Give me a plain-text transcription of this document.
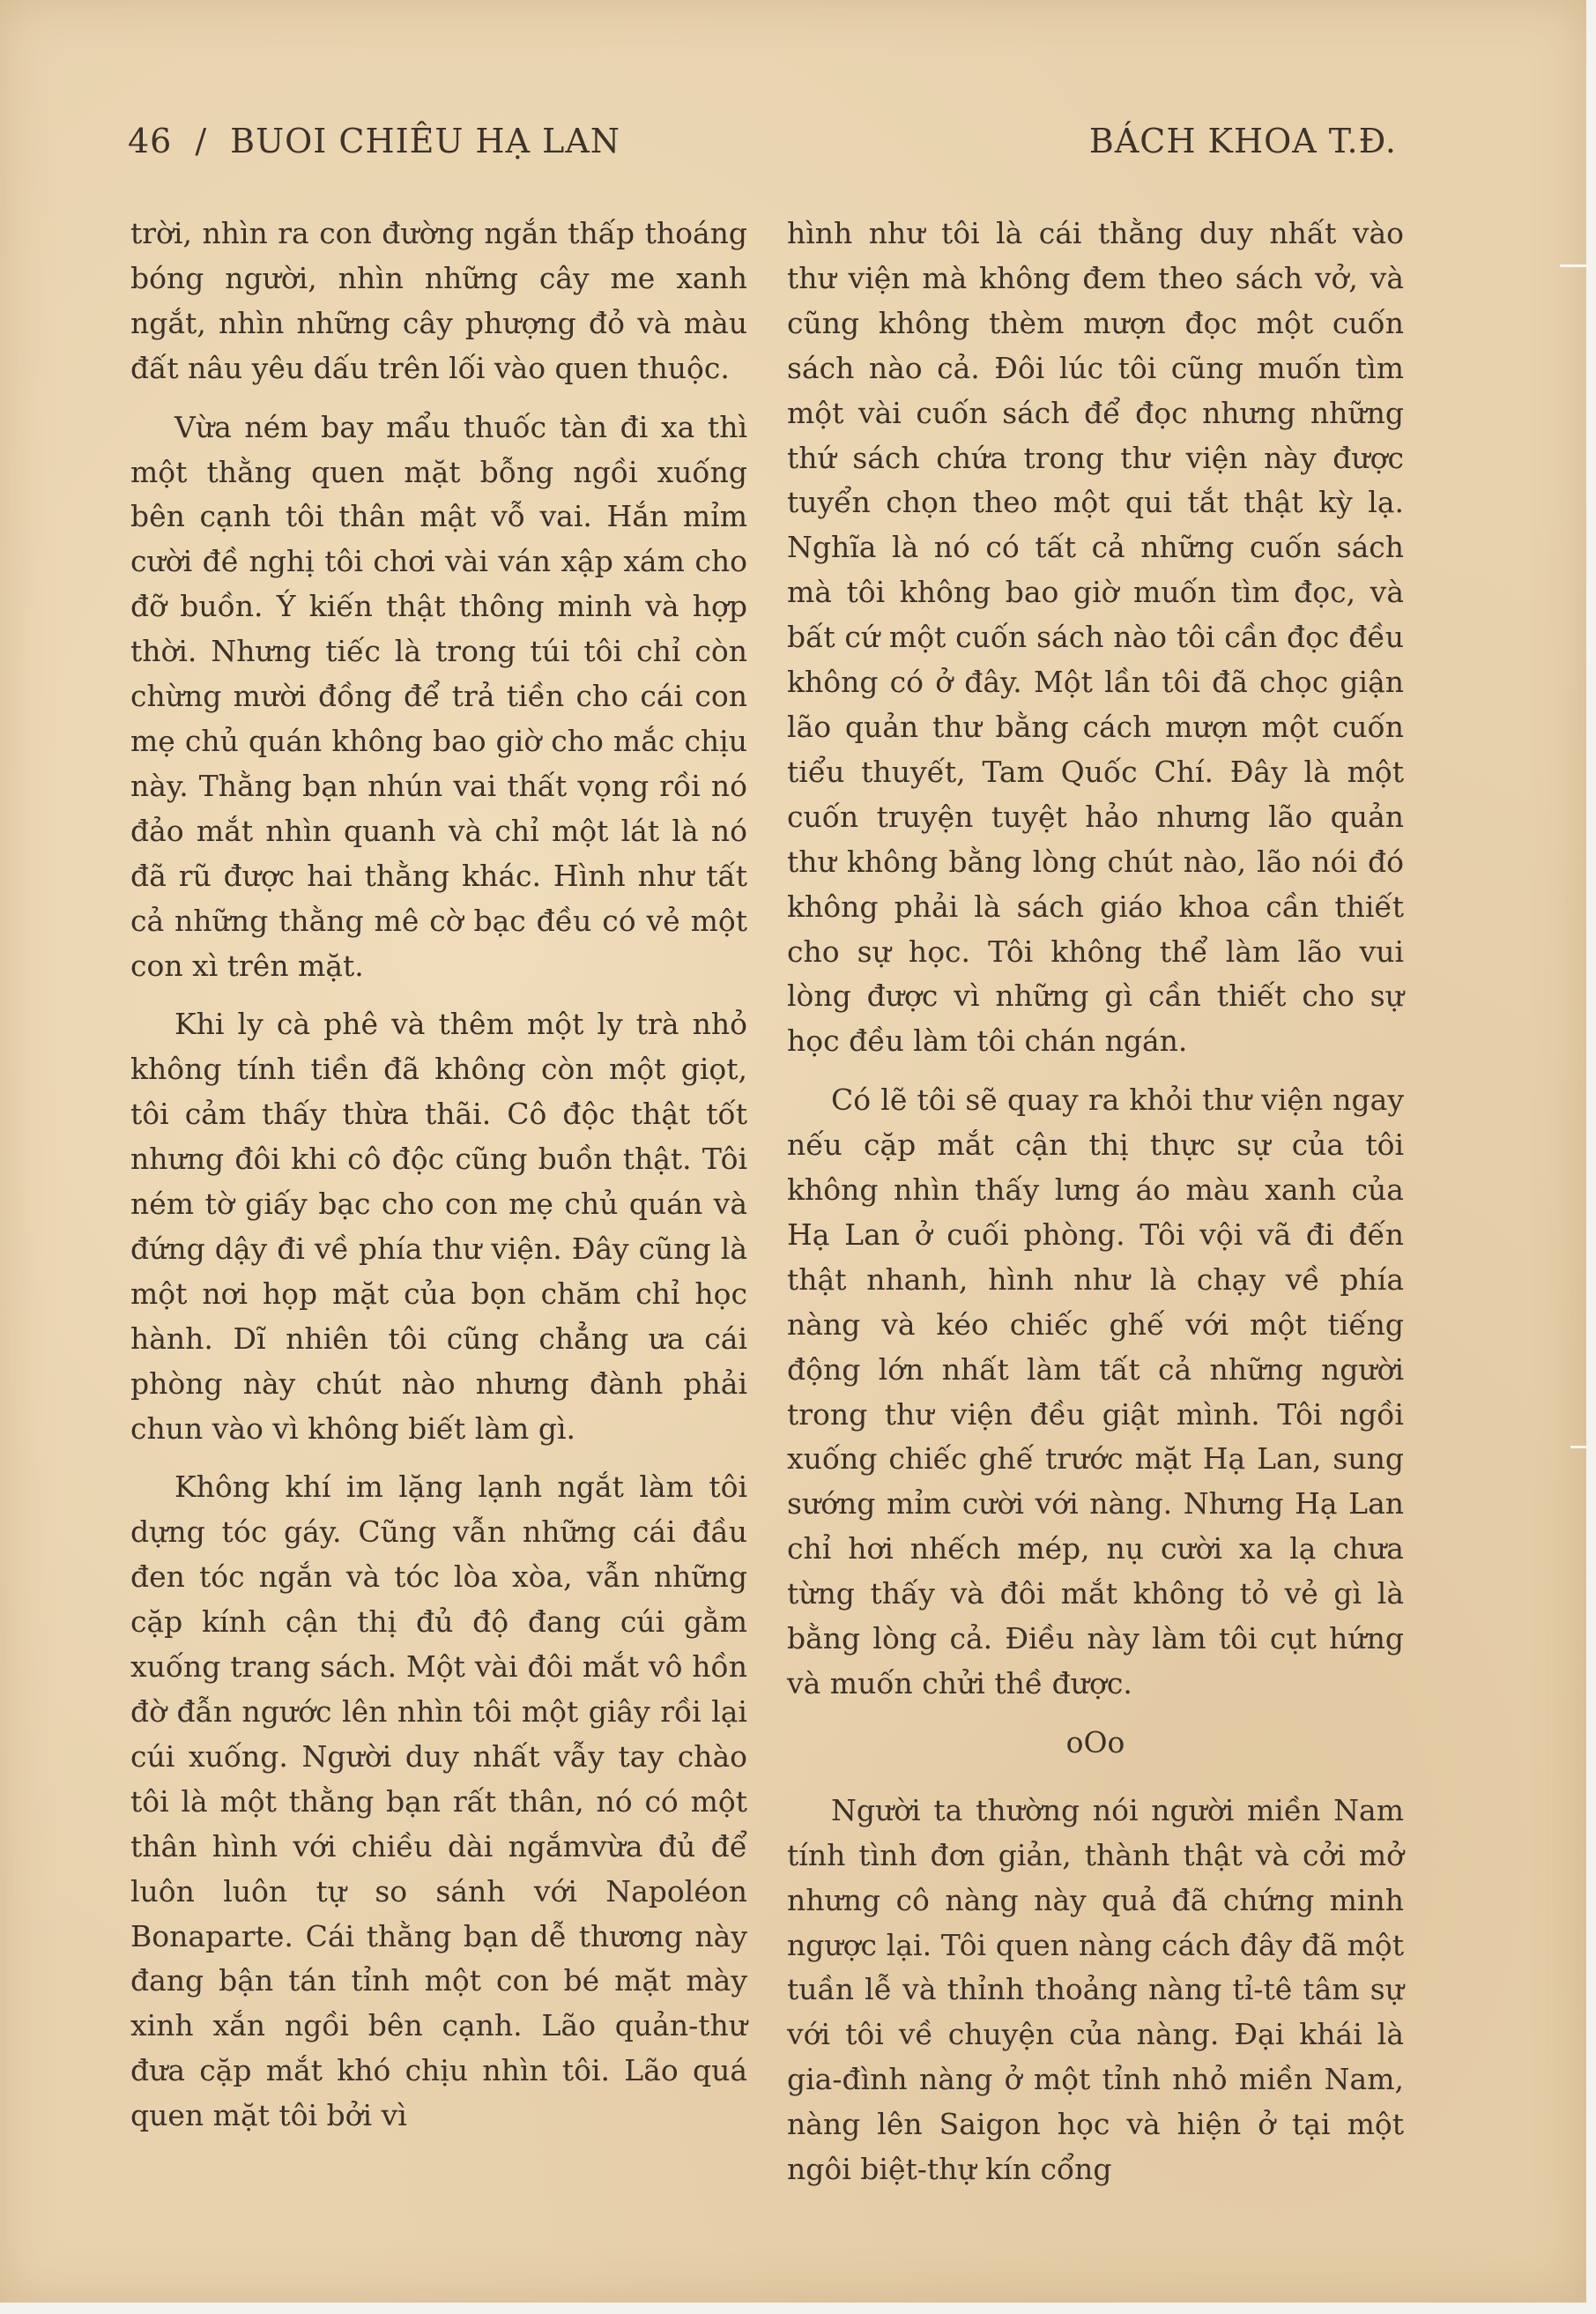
46 / BUOI CHIÊU HẠ LAN	BÁCH KHOA T.Đ.

trời, nhìn ra con đường ngắn thấp thoáng bóng người, nhìn những cây me xanh ngắt, nhìn những cây phượng đỏ và màu đất nâu yêu dấu trên lối vào quen thuộc.

Vừa ném bay mẩu thuốc tàn đi xa thì một thằng quen mặt bỗng ngồi xuống bên cạnh tôi thân mật vỗ vai. Hắn mỉm cười đề nghị tôi chơi vài ván xập xám cho đỡ buồn. Ý kiến thật thông minh và hợp thời. Nhưng tiếc là trong túi tôi chỉ còn chừng mười đồng để trả tiền cho cái con mẹ chủ quán không bao giờ cho mắc chịu này. Thằng bạn nhún vai thất vọng rồi nó đảo mắt nhìn quanh và chỉ một lát là nó đã rũ được hai thằng khác. Hình như tất cả những thằng mê cờ bạc đều có vẻ một con xì trên mặt.

Khi ly cà phê và thêm một ly trà nhỏ không tính tiền đã không còn một giọt, tôi cảm thấy thừa thãi. Cô độc thật tốt nhưng đôi khi cô độc cũng buồn thật. Tôi ném tờ giấy bạc cho con mẹ chủ quán và đứng dậy đi về phía thư viện. Đây cũng là một nơi họp mặt của bọn chăm chỉ học hành. Dĩ nhiên tôi cũng chẳng ưa cái phòng này chút nào nhưng đành phải chun vào vì không biết làm gì.

Không khí im lặng lạnh ngắt làm tôi dựng tóc gáy. Cũng vẫn những cái đầu đen tóc ngắn và tóc lòa xòa, vẫn những cặp kính cận thị đủ độ đang cúi gằm xuống trang sách. Một vài đôi mắt vô hồn đờ đẫn ngước lên nhìn tôi một giây rồi lại cúi xuống. Người duy nhất vẫy tay chào tôi là một thằng bạn rất thân, nó có một thân hình với chiều dài ngắmvừa đủ để luôn luôn tự so sánh với Napoléon Bonaparte. Cái thằng bạn dễ thương này đang bận tán tỉnh một con bé mặt mày xinh xắn ngồi bên cạnh. Lão quản-thư đưa cặp mắt khó chịu nhìn tôi. Lão quá quen mặt tôi bởi vì

hình như tôi là cái thằng duy nhất vào thư viện mà không đem theo sách vở, và cũng không thèm mượn đọc một cuốn sách nào cả. Đôi lúc tôi cũng muốn tìm một vài cuốn sách để đọc nhưng những thứ sách chứa trong thư viện này được tuyển chọn theo một qui tắt thật kỳ lạ. Nghĩa là nó có tất cả những cuốn sách mà tôi không bao giờ muốn tìm đọc, và bất cứ một cuốn sách nào tôi cần đọc đều không có ở đây. Một lần tôi đã chọc giận lão quản thư bằng cách mượn một cuốn tiểu thuyết, Tam Quốc Chí. Đây là một cuốn truyện tuyệt hảo nhưng lão quản thư không bằng lòng chút nào, lão nói đó không phải là sách giáo khoa cần thiết cho sự học. Tôi không thể làm lão vui lòng được vì những gì cần thiết cho sự học đều làm tôi chán ngán.

Có lẽ tôi sẽ quay ra khỏi thư viện ngay nếu cặp mắt cận thị thực sự của tôi không nhìn thấy lưng áo màu xanh của Hạ Lan ở cuối phòng. Tôi vội vã đi đến thật nhanh, hình như là chạy về phía nàng và kéo chiếc ghế với một tiếng động lớn nhất làm tất cả những người trong thư viện đều giật mình. Tôi ngồi xuống chiếc ghế trước mặt Hạ Lan, sung sướng mỉm cười với nàng. Nhưng Hạ Lan chỉ hơi nhếch mép, nụ cười xa lạ chưa từng thấy và đôi mắt không tỏ vẻ gì là bằng lòng cả. Điều này làm tôi cụt hứng và muốn chửi thề được.

oOo

Người ta thường nói người miền Nam tính tình đơn giản, thành thật và cởi mở nhưng cô nàng này quả đã chứng minh ngược lại. Tôi quen nàng cách đây đã một tuần lễ và thỉnh thoảng nàng tỉ-tê tâm sự với tôi về chuyện của nàng. Đại khái là gia-đình nàng ở một tỉnh nhỏ miền Nam, nàng lên Saigon học và hiện ở tại một ngôi biệt-thự kín cổng
